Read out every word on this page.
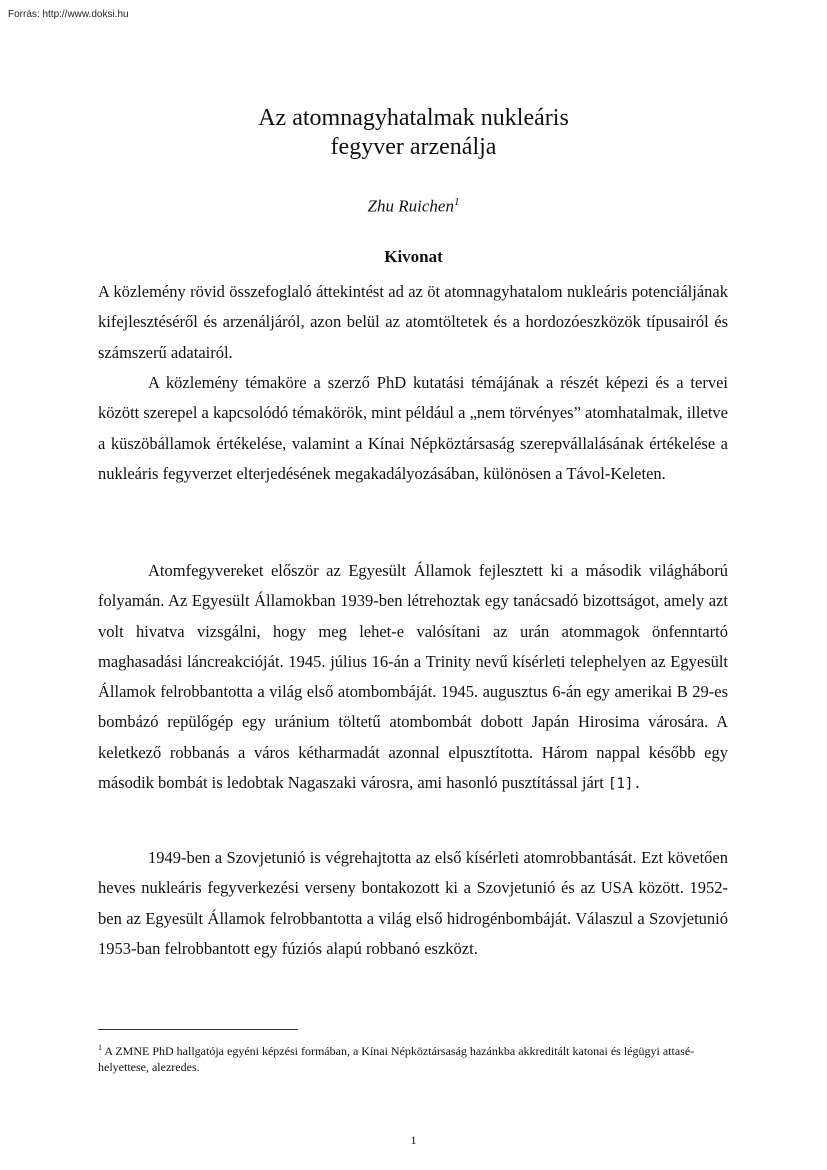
Forrás: http://www.doksi.hu
Az atomnagyhatalmak nukleáris
fegyver arzenálja
Zhu Ruichen$^1$
Kivonat

A közlemény rövid összefoglaló áttekintést ad az öt atomnagyhatalom nukleáris potenciáljának kifejlesztéséről és arzenáljáról, azon belül az atomtöltetek és a hordozóeszközök típusairól és számszerű adatairól.

A közlemény témaköre a szerző PhD kutatási témájának a részét képezi és a tervei között szerepel a kapcsolódó témakörök, mint például a „nem törvényes” atomhatalmak, illetve a küszöbállamok értékelése, valamint a Kínai Népköztársaság szerepvállalásának értékelése a nukleáris fegyverzet elterjedésének megakadályozásában, különösen a Távol-Keleten.

Atomfegyvereket először az Egyesült Államok fejlesztett ki a második világháború folyamán. Az Egyesült Államokban 1939-ben létrehoztak egy tanácsadó bizottságot, amely azt volt hivatva vizsgálni, hogy meg lehet-e valósítani az urán atommagok önfenntartó maghasadási láncreakcióját. 1945. július 16-án a Trinity nevű kísérleti telephelyen az Egyesült Államok felrobbantotta a világ első atombombáját. 1945. augusztus 6-án egy amerikai B 29-es bombázó repülőgép egy uránium töltetű atombombát dobott Japán Hirosima városára. A keletkező robbanás a város kétharmadát azonnal elpusztította. Három nappal később egy második bombát is ledobtak Nagaszaki városra, ami hasonló pusztítással járt [1].

1949-ben a Szovjetunió is végrehajtotta az első kísérleti atomrobbantását. Ezt követően heves nukleáris fegyverkezési verseny bontakozott ki a Szovjetunió és az USA között. 1952-ben az Egyesült Államok felrobbantotta a világ első hidrogénbombáját. Válaszul a Szovjetunió 1953-ban felrobbantott egy fúziós alapú robbanó eszközt.

$^1$ A ZMNE PhD hallgatója egyéni képzési formában, a Kínai Népköztársaság hazánkba akkreditált katonai és légügyi attasé-helyettese, alezredes.

1
